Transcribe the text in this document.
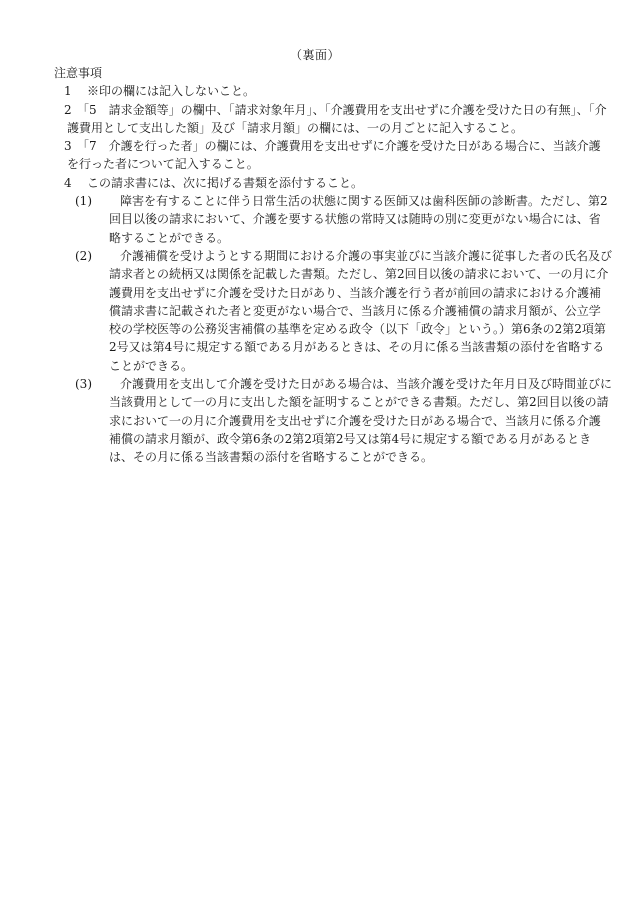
（裏面）

注意事項

1 ※印の欄には記入しないこと。
2 「5　請求金額等」の欄中、「請求対象年月」、「介護費用を支出せずに介護を受けた日の有無」、「介護費用として支出した額」及び「請求月額」の欄には、一の月ごとに記入すること。
3 「7　介護を行った者」の欄には、介護費用を支出せずに介護を受けた日がある場合に、当該介護を行った者について記入すること。
4 この請求書には、次に掲げる書類を添付すること。
(1)	障害を有することに伴う日常生活の状態に関する医師又は歯科医師の診断書。ただし、第2回目以後の請求において、介護を要する状態の常時又は随時の別に変更がない場合には、省略することができる。
(2)	介護補償を受けようとする期間における介護の事実並びに当該介護に従事した者の氏名及び請求者との続柄又は関係を記載した書類。ただし、第2回目以後の請求において、一の月に介護費用を支出せずに介護を受けた日があり、当該介護を行う者が前回の請求における介護補償請求書に記載された者と変更がない場合で、当該月に係る介護補償の請求月額が、公立学校の学校医等の公務災害補償の基準を定める政令（以下「政令」という。）第6条の2第2項第2号又は第4号に規定する額である月があるときは、その月に係る当該書類の添付を省略することができる。
(3)	介護費用を支出して介護を受けた日がある場合は、当該介護を受けた年月日及び時間並びに当該費用として一の月に支出した額を証明することができる書類。ただし、第2回目以後の請求において一の月に介護費用を支出せずに介護を受けた日がある場合で、当該月に係る介護補償の請求月額が、政令第6条の2第2項第2号又は第4号に規定する額である月があるときは、その月に係る当該書類の添付を省略することができる。
